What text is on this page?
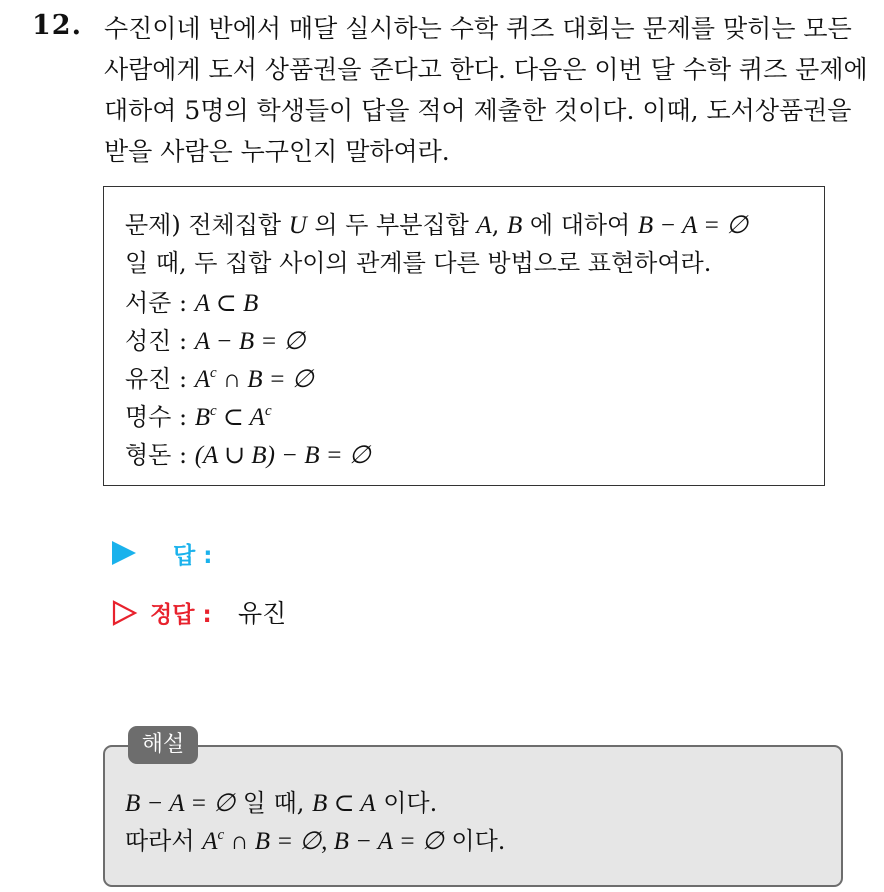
12. 수진이네 반에서 매달 실시하는 수학 퀴즈 대회는 문제를 맞히는 모든
사람에게 도서 상품권을 준다고 한다. 다음은 이번 달 수학 퀴즈 문제에
대하여 5명의 학생들이 답을 적어 제출한 것이다. 이때, 도서상품권을
받을 사람은 누구인지 말하여라.
문제) 전체집합 U 의 두 부분집합 A, B 에 대하여 B − A = ∅
일 때, 두 집합 사이의 관계를 다른 방법으로 표현하여라.
서준 : A ⊂ B
성진 : A − B = ∅
유진 : $A^c$ ∩ B = ∅
명수 : $B^c$ ⊂ $A^c$
형돈 : (A ∪ B) − B = ∅
답 :
정답 : 유진
해설
B − A = ∅ 일 때, B ⊂ A 이다.
따라서 $A^c$ ∩ B = ∅, B − A = ∅ 이다.
